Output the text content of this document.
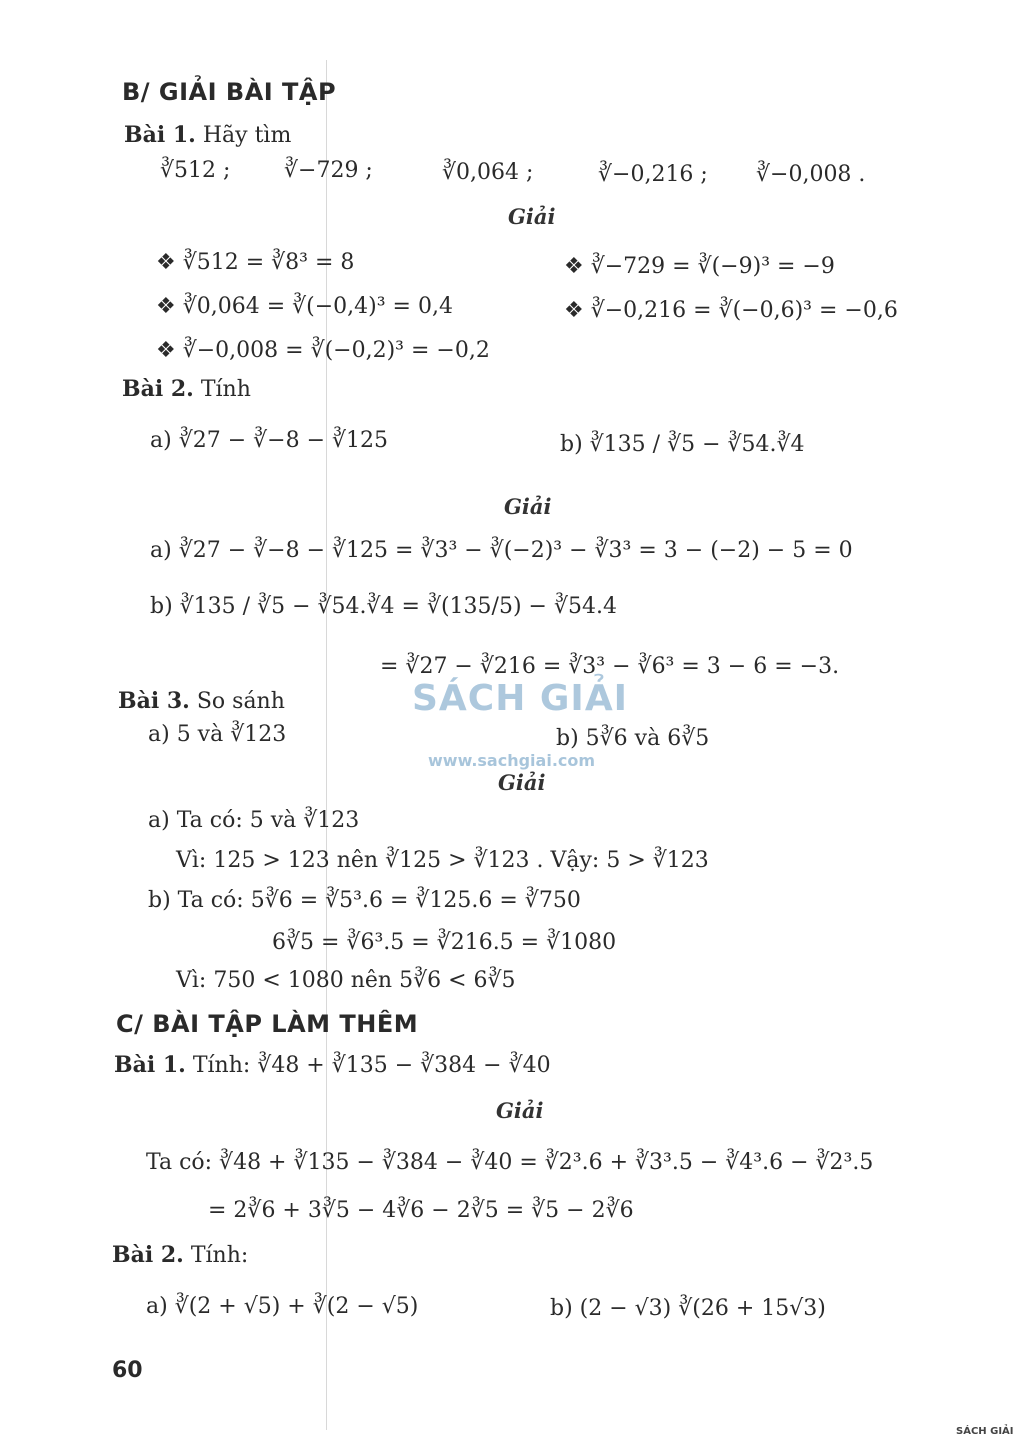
B/ GIẢI BÀI TẬP
Bài 1. Hãy tìm
∛512 ; ∛−729 ;	∛0,064 ;	∛−0,216 ; ∛−0,008 .
Giải
❖ ∛512 = ∛8³ = 8	❖ ∛−729 = ∛(−9)³ = −9
❖ ∛0,064 = ∛(−0,4)³ = 0,4	❖ ∛−0,216 = ∛(−0,6)³ = −0,6
❖ ∛−0,008 = ∛(−0,2)³ = −0,2
Bài 2. Tính
a) ∛27 − ∛−8 − ∛125	b) ∛135 / ∛5 − ∛54.∛4
Giải
a) ∛27 − ∛−8 − ∛125 = ∛3³ − ∛(−2)³ − ∛3³ = 3 − (−2) − 5 = 0
b) ∛135 / ∛5 − ∛54.∛4 = ∛(135/5) − ∛54.4
= ∛27 − ∛216 = ∛3³ − ∛6³ = 3 − 6 = −3.
Bài 3. So sánh
a) 5 và ∛123	b) 5∛6 và 6∛5
Giải
a) Ta có: 5 và ∛123
Vì: 125 > 123 nên ∛125 > ∛123 . Vậy: 5 > ∛123
b) Ta có: 5∛6 = ∛5³.6 = ∛125.6 = ∛750
6∛5 = ∛6³.5 = ∛216.5 = ∛1080
Vì: 750 < 1080 nên 5∛6 < 6∛5
C/ BÀI TẬP LÀM THÊM
Bài 1. Tính: ∛48 + ∛135 − ∛384 − ∛40
Giải
Ta có: ∛48 + ∛135 − ∛384 − ∛40 = ∛2³.6 + ∛3³.5 − ∛4³.6 − ∛2³.5
= 2∛6 + 3∛5 − 4∛6 − 2∛5 = ∛5 − 2∛6
Bài 2. Tính:
a) ∛(2 + √5) + ∛(2 − √5)	b) (2 − √3) ∛(26 + 15√3)
60
SÁCH GIẢI
www.sachgiai.com
SÁCH GIẢI
